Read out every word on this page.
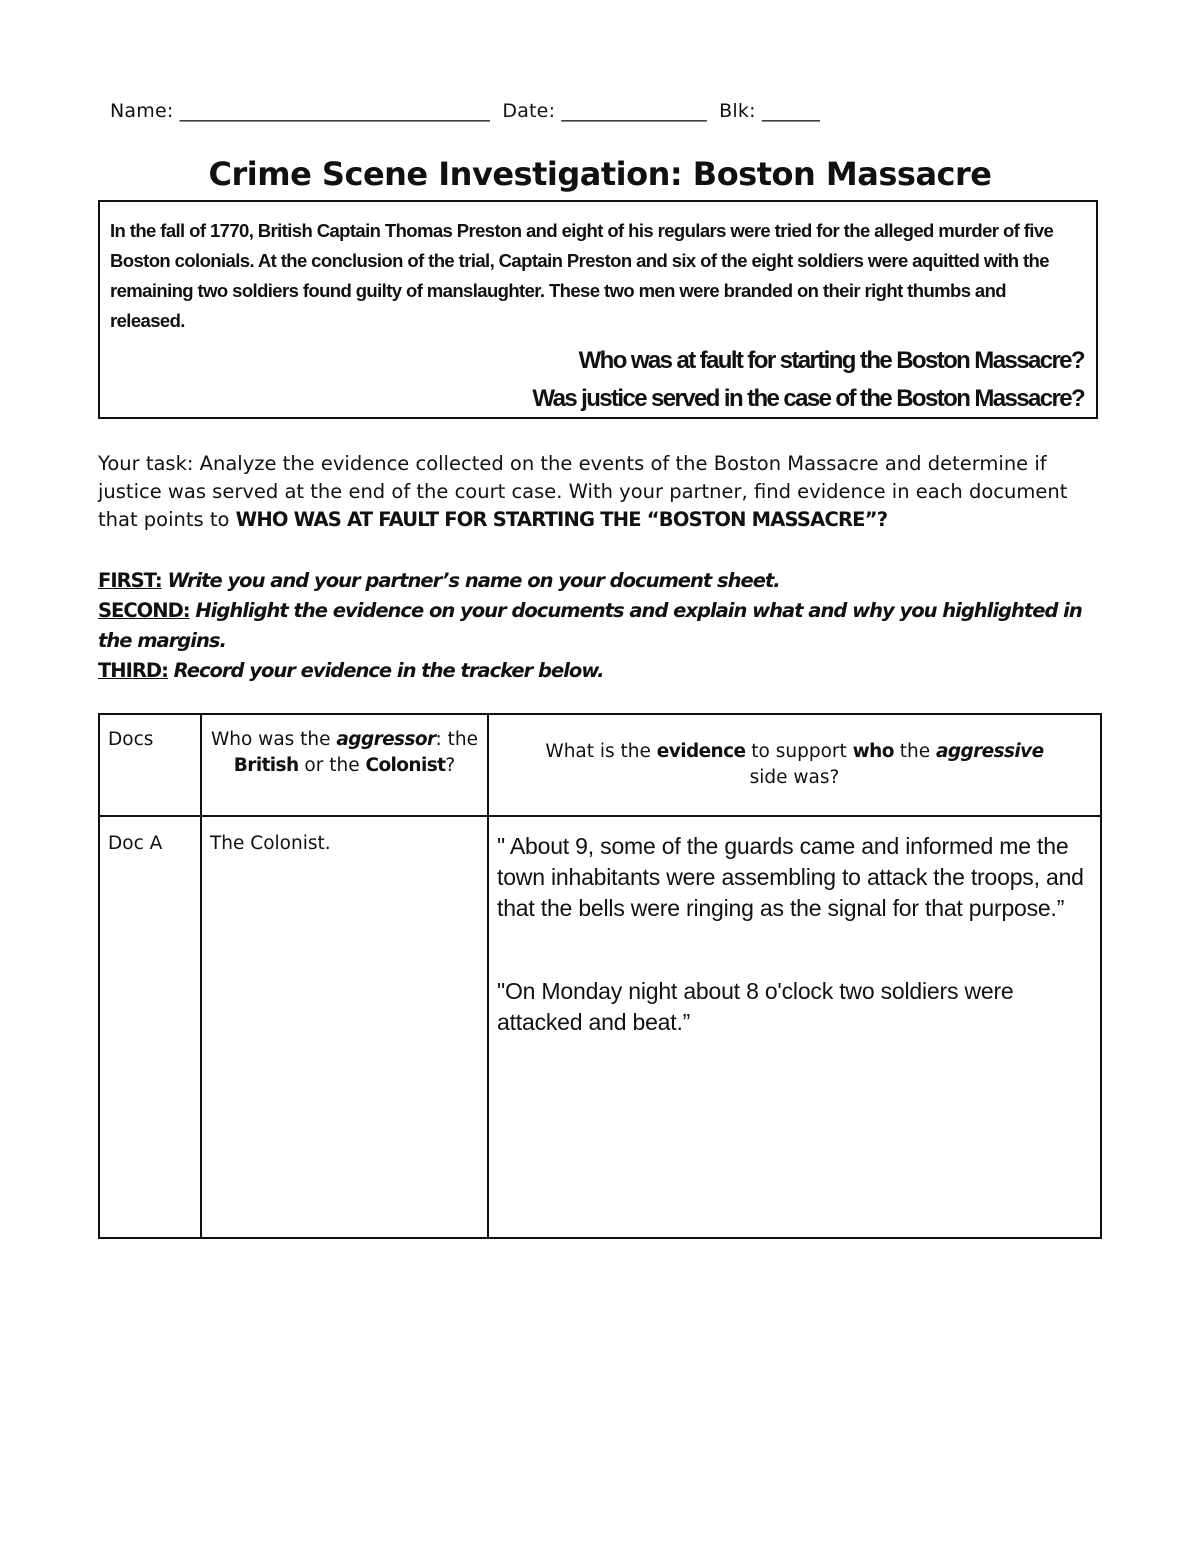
Name: ________________________________ Date: _______________ Blk: ______
Crime Scene Investigation: Boston Massacre

In the fall of 1770, British Captain Thomas Preston and eight of his regulars were tried for the alleged murder of five Boston colonials. At the conclusion of the trial, Captain Preston and six of the eight soldiers were aquitted with the remaining two soldiers found guilty of manslaughter. These two men were branded on their right thumbs and released.

Who was at fault for starting the Boston Massacre?
Was justice served in the case of the Boston Massacre?

Your task: Analyze the evidence collected on the events of the Boston Massacre and determine if justice was served at the end of the court case. With your partner, find evidence in each document that points to WHO WAS AT FAULT FOR STARTING THE “BOSTON MASSACRE”?

FIRST: Write you and your partner’s name on your document sheet.
SECOND: Highlight the evidence on your documents and explain what and why you highlighted in the margins.
THIRD: Record your evidence in the tracker below.
Docs	Who was the aggressor: the British or the Colonist?	What is the evidence to support who the aggressive
side was?
Doc A	The Colonist.	" About 9, some of the guards came and informed me the town inhabitants were assembling to attack the troops, and that the bells were ringing as the signal for that purpose.”

"On Monday night about 8 o'clock two soldiers were attacked and beat.”
